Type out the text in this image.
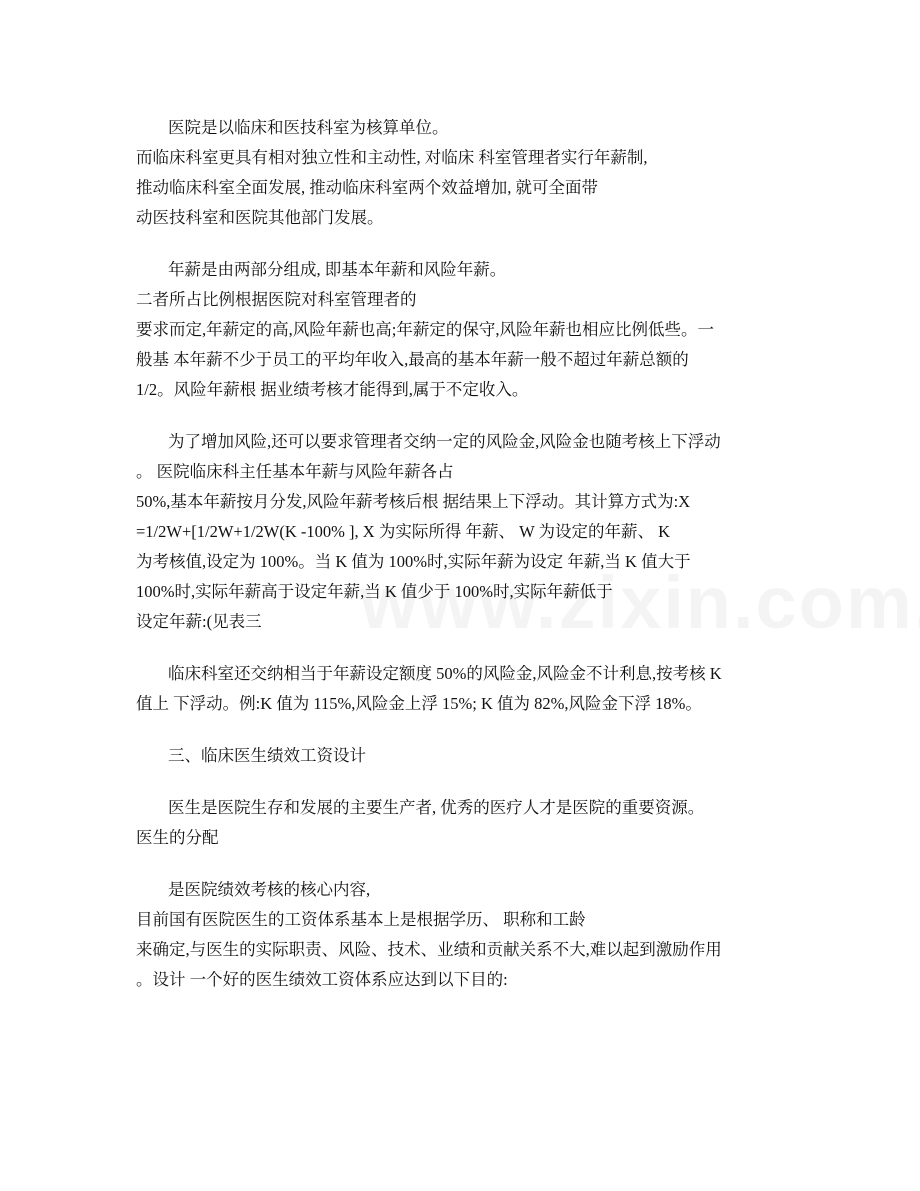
医院是以临床和医技科室为核算单位。
而临床科室更具有相对独立性和主动性, 对临床 科室管理者实行年薪制,
推动临床科室全面发展, 推动临床科室两个效益增加, 就可全面带
动医技科室和医院其他部门发展。
年薪是由两部分组成, 即基本年薪和风险年薪。
二者所占比例根据医院对科室管理者的
要求而定,年薪定的高,风险年薪也高;年薪定的保守,风险年薪也相应比例低些。一
般基 本年薪不少于员工的平均年收入,最高的基本年薪一般不超过年薪总额的
1/2。风险年薪根 据业绩考核才能得到,属于不定收入。
为了增加风险,还可以要求管理者交纳一定的风险金,风险金也随考核上下浮动
。 医院临床科主任基本年薪与风险年薪各占
50%,基本年薪按月分发,风险年薪考核后根 据结果上下浮动。其计算方式为:X
=1/2W+[1/2W+1/2W(K -100% ], X 为实际所得 年薪、 W 为设定的年薪、 K
为考核值,设定为 100%。当 K 值为 100%时,实际年薪为设定 年薪,当 K 值大于
100%时,实际年薪高于设定年薪,当 K 值少于 100%时,实际年薪低于
设定年薪:(见表三
临床科室还交纳相当于年薪设定额度 50%的风险金,风险金不计利息,按考核 K
值上 下浮动。例:K 值为 115%,风险金上浮 15%; K 值为 82%,风险金下浮 18%。
三、临床医生绩效工资设计
医生是医院生存和发展的主要生产者, 优秀的医疗人才是医院的重要资源。
医生的分配
是医院绩效考核的核心内容,
目前国有医院医生的工资体系基本上是根据学历、 职称和工龄
来确定,与医生的实际职责、风险、技术、业绩和贡献关系不大,难以起到激励作用
。设计 一个好的医生绩效工资体系应达到以下目的:
